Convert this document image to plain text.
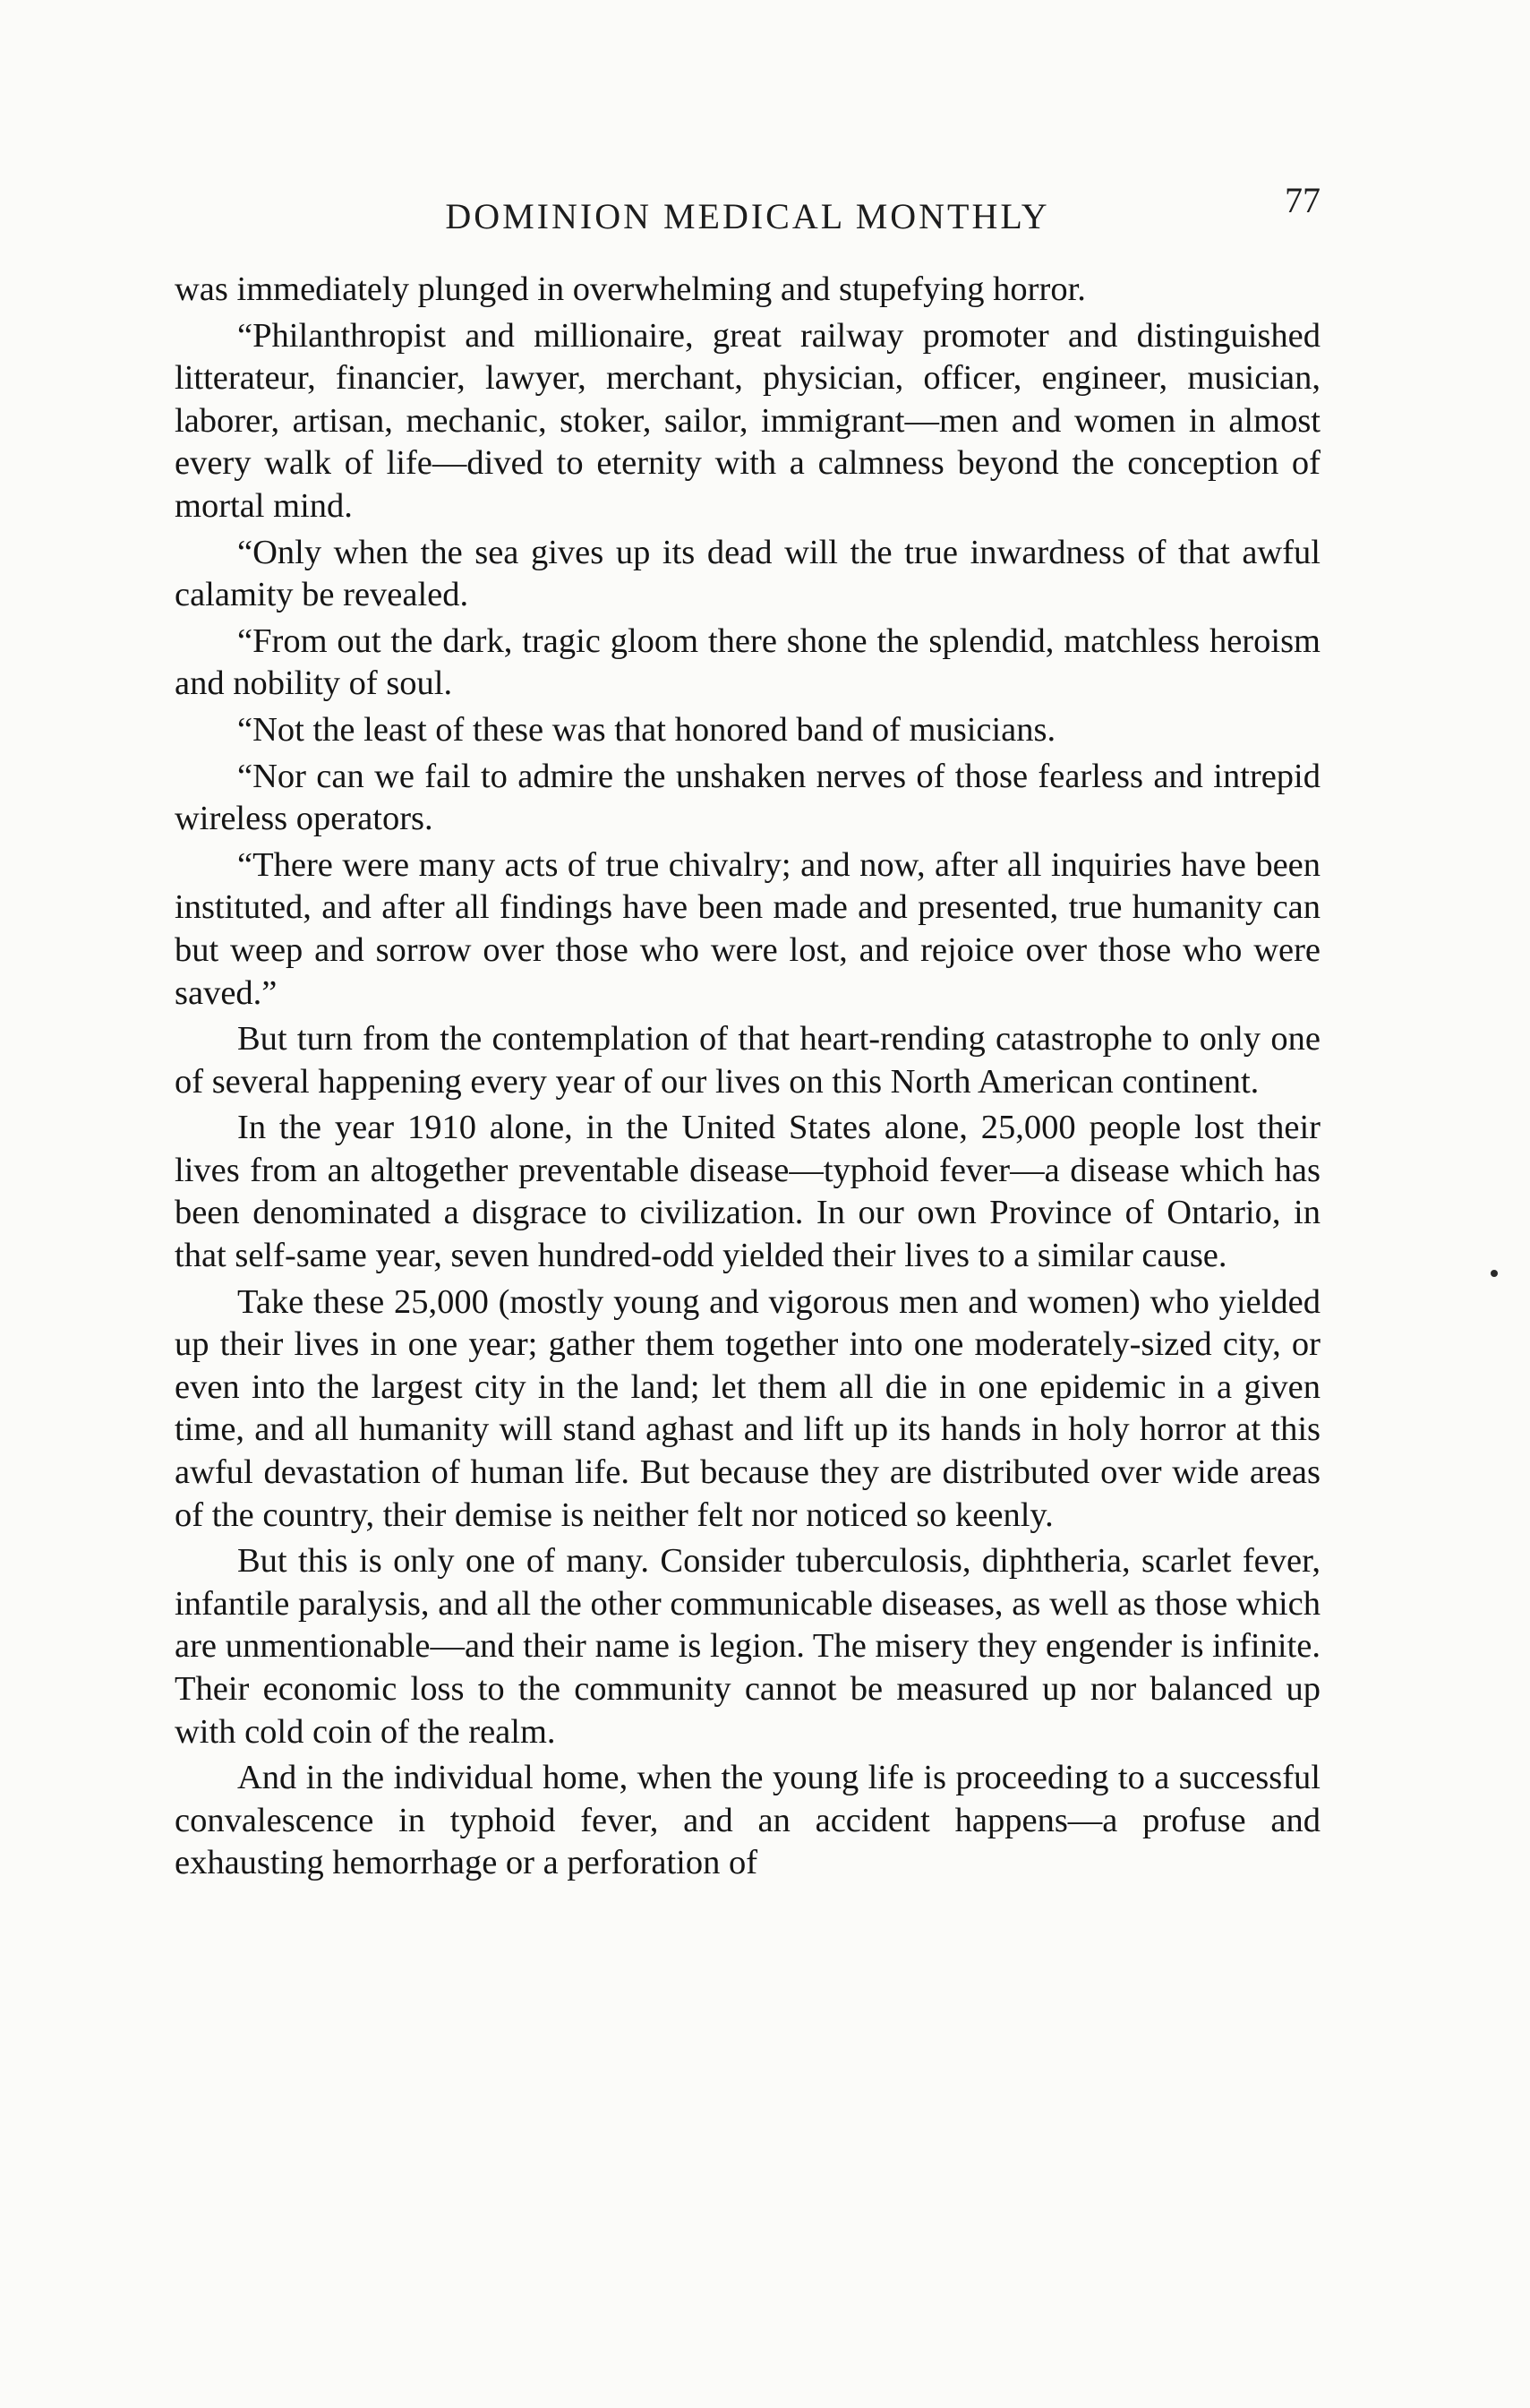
DOMINION MEDICAL MONTHLY	77

was immediately plunged in overwhelming and stupefying horror.

“Philanthropist and millionaire, great railway promoter and distinguished litterateur, financier, lawyer, merchant, physician, officer, engineer, musician, laborer, artisan, mechanic, stoker, sailor, immigrant—men and women in almost every walk of life—dived to eternity with a calmness beyond the conception of mortal mind.

“Only when the sea gives up its dead will the true inwardness of that awful calamity be revealed.

“From out the dark, tragic gloom there shone the splendid, matchless heroism and nobility of soul.

“Not the least of these was that honored band of musicians.

“Nor can we fail to admire the unshaken nerves of those fearless and intrepid wireless operators.

“There were many acts of true chivalry; and now, after all inquiries have been instituted, and after all findings have been made and presented, true humanity can but weep and sorrow over those who were lost, and rejoice over those who were saved.”

But turn from the contemplation of that heart-rending catastrophe to only one of several happening every year of our lives on this North American continent.

In the year 1910 alone, in the United States alone, 25,000 people lost their lives from an altogether preventable disease—typhoid fever—a disease which has been denominated a disgrace to civilization. In our own Province of Ontario, in that self-same year, seven hundred-odd yielded their lives to a similar cause.

Take these 25,000 (mostly young and vigorous men and women) who yielded up their lives in one year; gather them together into one moderately-sized city, or even into the largest city in the land; let them all die in one epidemic in a given time, and all humanity will stand aghast and lift up its hands in holy horror at this awful devastation of human life. But because they are distributed over wide areas of the country, their demise is neither felt nor noticed so keenly.

But this is only one of many. Consider tuberculosis, diphtheria, scarlet fever, infantile paralysis, and all the other communicable diseases, as well as those which are unmentionable—and their name is legion. The misery they engender is infinite. Their economic loss to the community cannot be measured up nor balanced up with cold coin of the realm.

And in the individual home, when the young life is proceeding to a successful convalescence in typhoid fever, and an accident happens—a profuse and exhausting hemorrhage or a perforation of
